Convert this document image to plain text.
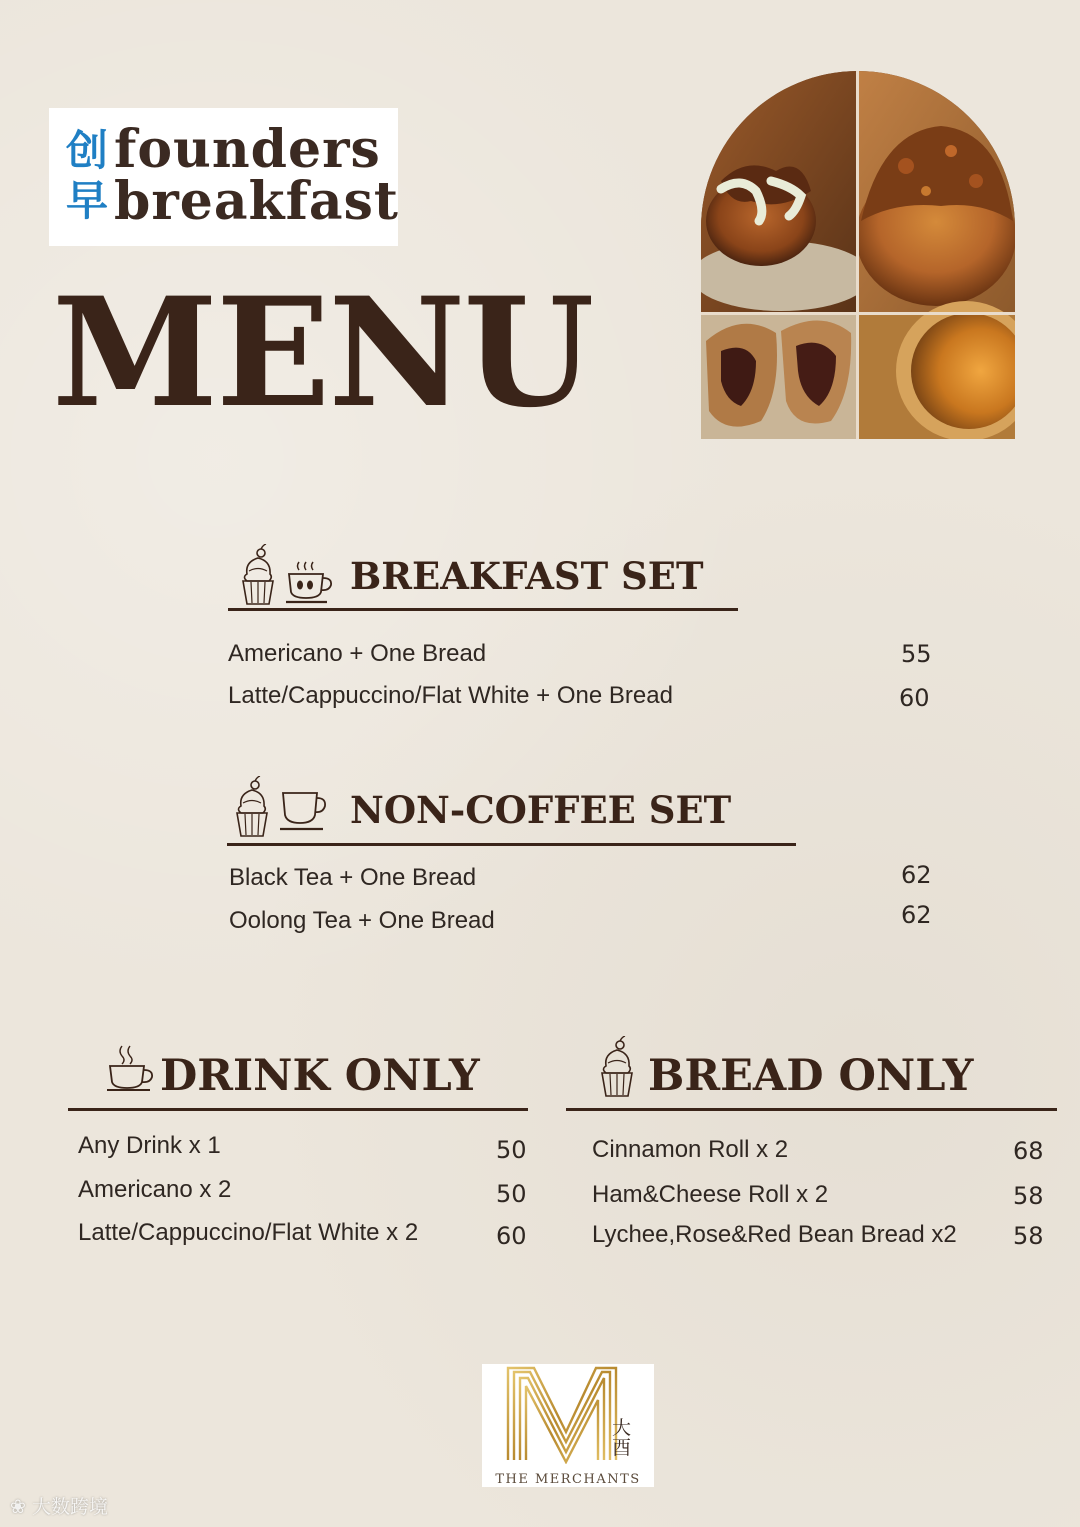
创
早
founders
breakfast
MENU
BREAKFAST SET
Americano + One Bread	55
Latte/Cappuccino/Flat White + One Bread	60
NON-COFFEE SET
Black Tea + One Bread	62
Oolong Tea + One Bread	62
DRINK ONLY
Any Drink x 1	50
Americano x 2	50
Latte/Cappuccino/Flat White x 2	60
BREAD ONLY
Cinnamon Roll x 2	68
Ham&Cheese Roll x 2	58
Lychee,Rose&Red Bean Bread x2 58
大酉
THE MERCHANTS
❀ 大数跨境
